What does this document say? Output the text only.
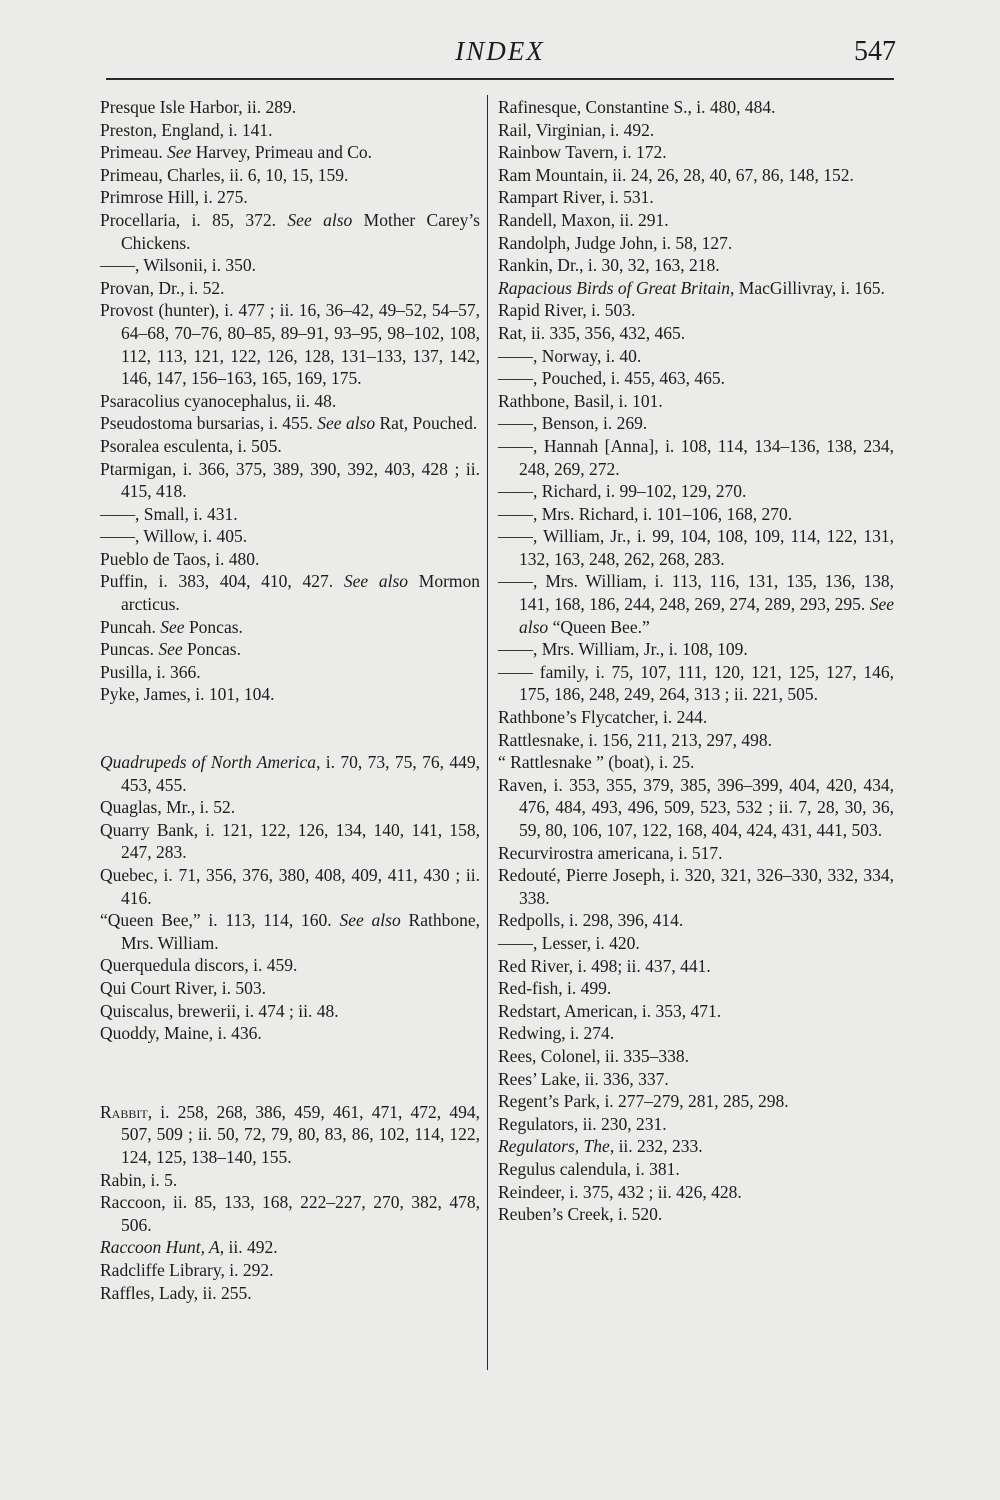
INDEX	547
Presque Isle Harbor, ii. 289.
Preston, England, i. 141.
Primeau. See Harvey, Primeau and Co.
Primeau, Charles, ii. 6, 10, 15, 159.
Primrose Hill, i. 275.
Procellaria, i. 85, 372. See also Mother Carey’s Chickens.
——, Wilsonii, i. 350.
Provan, Dr., i. 52.
Provost (hunter), i. 477 ; ii. 16, 36–42, 49–52, 54–57, 64–68, 70–76, 80–85, 89–91, 93–95, 98–102, 108, 112, 113, 121, 122, 126, 128, 131–133, 137, 142, 146, 147, 156–163, 165, 169, 175.
Psaracolius cyanocephalus, ii. 48.
Pseudostoma bursarias, i. 455. See also Rat, Pouched.
Psoralea esculenta, i. 505.
Ptarmigan, i. 366, 375, 389, 390, 392, 403, 428 ; ii. 415, 418.
——, Small, i. 431.
——, Willow, i. 405.
Pueblo de Taos, i. 480.
Puffin, i. 383, 404, 410, 427. See also Mormon arcticus.
Puncah. See Poncas.
Puncas. See Poncas.
Pusilla, i. 366.
Pyke, James, i. 101, 104.
Quadrupeds of North America, i. 70, 73, 75, 76, 449, 453, 455.
Quaglas, Mr., i. 52.
Quarry Bank, i. 121, 122, 126, 134, 140, 141, 158, 247, 283.
Quebec, i. 71, 356, 376, 380, 408, 409, 411, 430 ; ii. 416.
“Queen Bee,” i. 113, 114, 160. See also Rathbone, Mrs. William.
Querquedula discors, i. 459.
Qui Court River, i. 503.
Quiscalus, brewerii, i. 474 ; ii. 48.
Quoddy, Maine, i. 436.
Rabbit, i. 258, 268, 386, 459, 461, 471, 472, 494, 507, 509 ; ii. 50, 72, 79, 80, 83, 86, 102, 114, 122, 124, 125, 138–140, 155.
Rabin, i. 5.
Raccoon, ii. 85, 133, 168, 222–227, 270, 382, 478, 506.
Raccoon Hunt, A, ii. 492.
Radcliffe Library, i. 292.
Raffles, Lady, ii. 255.
Rafinesque, Constantine S., i. 480, 484.
Rail, Virginian, i. 492.
Rainbow Tavern, i. 172.
Ram Mountain, ii. 24, 26, 28, 40, 67, 86, 148, 152.
Rampart River, i. 531.
Randell, Maxon, ii. 291.
Randolph, Judge John, i. 58, 127.
Rankin, Dr., i. 30, 32, 163, 218.
Rapacious Birds of Great Britain, MacGillivray, i. 165.
Rapid River, i. 503.
Rat, ii. 335, 356, 432, 465.
——, Norway, i. 40.
——, Pouched, i. 455, 463, 465.
Rathbone, Basil, i. 101.
——, Benson, i. 269.
——, Hannah [Anna], i. 108, 114, 134–136, 138, 234, 248, 269, 272.
——, Richard, i. 99–102, 129, 270.
——, Mrs. Richard, i. 101–106, 168, 270.
——, William, Jr., i. 99, 104, 108, 109, 114, 122, 131, 132, 163, 248, 262, 268, 283.
——, Mrs. William, i. 113, 116, 131, 135, 136, 138, 141, 168, 186, 244, 248, 269, 274, 289, 293, 295. See also “Queen Bee.”
——, Mrs. William, Jr., i. 108, 109.
—— family, i. 75, 107, 111, 120, 121, 125, 127, 146, 175, 186, 248, 249, 264, 313 ; ii. 221, 505.
Rathbone’s Flycatcher, i. 244.
Rattlesnake, i. 156, 211, 213, 297, 498.
“ Rattlesnake ” (boat), i. 25.
Raven, i. 353, 355, 379, 385, 396–399, 404, 420, 434, 476, 484, 493, 496, 509, 523, 532 ; ii. 7, 28, 30, 36, 59, 80, 106, 107, 122, 168, 404, 424, 431, 441, 503.
Recurvirostra americana, i. 517.
Redouté, Pierre Joseph, i. 320, 321, 326–330, 332, 334, 338.
Redpolls, i. 298, 396, 414.
——, Lesser, i. 420.
Red River, i. 498; ii. 437, 441.
Red-fish, i. 499.
Redstart, American, i. 353, 471.
Redwing, i. 274.
Rees, Colonel, ii. 335–338.
Rees’ Lake, ii. 336, 337.
Regent’s Park, i. 277–279, 281, 285, 298.
Regulators, ii. 230, 231.
Regulators, The, ii. 232, 233.
Regulus calendula, i. 381.
Reindeer, i. 375, 432 ; ii. 426, 428.
Reuben’s Creek, i. 520.
